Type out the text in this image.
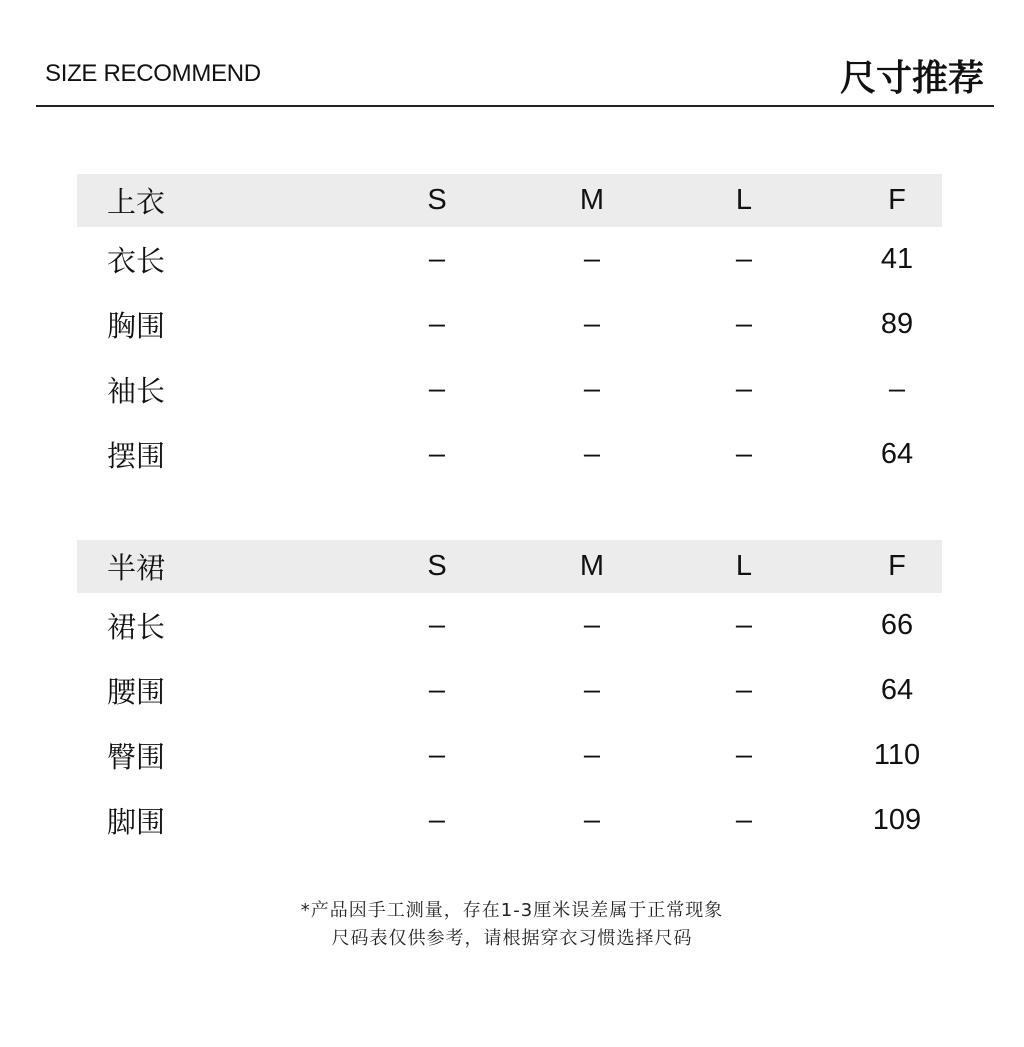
SIZE RECOMMEND	尺寸推荐
上衣	S	M	L	F
衣长	–	–	–	41
胸围	–	–	–	89
袖长	–	–	–	–
摆围	–	–	–	64
半裙	S	M	L	F
裙长	–	–	–	66
腰围	–	–	–	64
臀围	–	–	–	110
脚围	–	–	–	109
*产品因手工测量，存在1-3厘米误差属于正常现象
尺码表仅供参考，请根据穿衣习惯选择尺码
